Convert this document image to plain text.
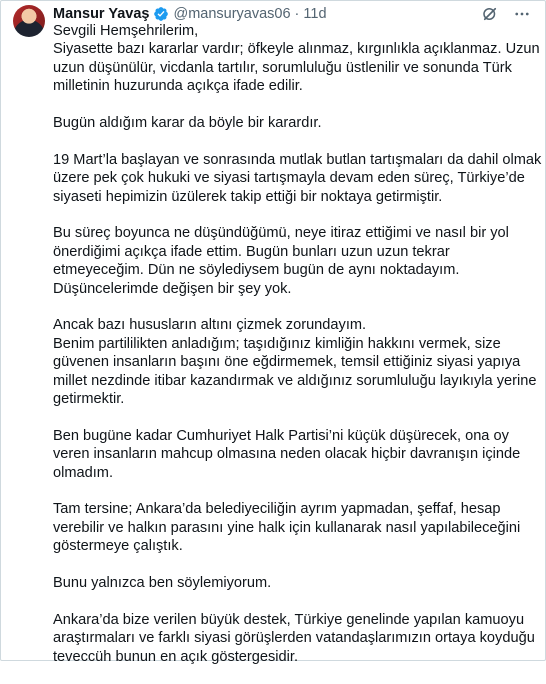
Mansur Yavaş @mansuryavas06 · 11d

Sevgili Hemşehrilerim,
Siyasette bazı kararlar vardır; öfkeyle alınmaz, kırgınlıkla açıklanmaz. Uzun
uzun düşünülür, vicdanla tartılır, sorumluluğu üstlenilir ve sonunda Türk
milletinin huzurunda açıkça ifade edilir.

Bugün aldığım karar da böyle bir karardır.

19 Mart’la başlayan ve sonrasında mutlak butlan tartışmaları da dahil olmak
üzere pek çok hukuki ve siyasi tartışmayla devam eden süreç, Türkiye’de
siyaseti hepimizin üzülerek takip ettiği bir noktaya getirmiştir.

Bu süreç boyunca ne düşündüğümü, neye itiraz ettiğimi ve nasıl bir yol
önerdiğimi açıkça ifade ettim. Bugün bunları uzun uzun tekrar
etmeyeceğim. Dün ne söylediysem bugün de aynı noktadayım.
Düşüncelerimde değişen bir şey yok.

Ancak bazı hususların altını çizmek zorundayım.
Benim partililikten anladığım; taşıdığınız kimliğin hakkını vermek, size
güvenen insanların başını öne eğdirmemek, temsil ettiğiniz siyasi yapıya
millet nezdinde itibar kazandırmak ve aldığınız sorumluluğu layıkıyla yerine
getirmektir.

Ben bugüne kadar Cumhuriyet Halk Partisi’ni küçük düşürecek, ona oy
veren insanların mahcup olmasına neden olacak hiçbir davranışın içinde
olmadım.

Tam tersine; Ankara’da belediyeciliğin ayrım yapmadan, şeffaf, hesap
verebilir ve halkın parasını yine halk için kullanarak nasıl yapılabileceğini
göstermeye çalıştık.

Bunu yalnızca ben söylemiyorum.

Ankara’da bize verilen büyük destek, Türkiye genelinde yapılan kamuoyu
araştırmaları ve farklı siyasi görüşlerden vatandaşlarımızın ortaya koyduğu
teveccüh bunun en açık göstergesidir.
